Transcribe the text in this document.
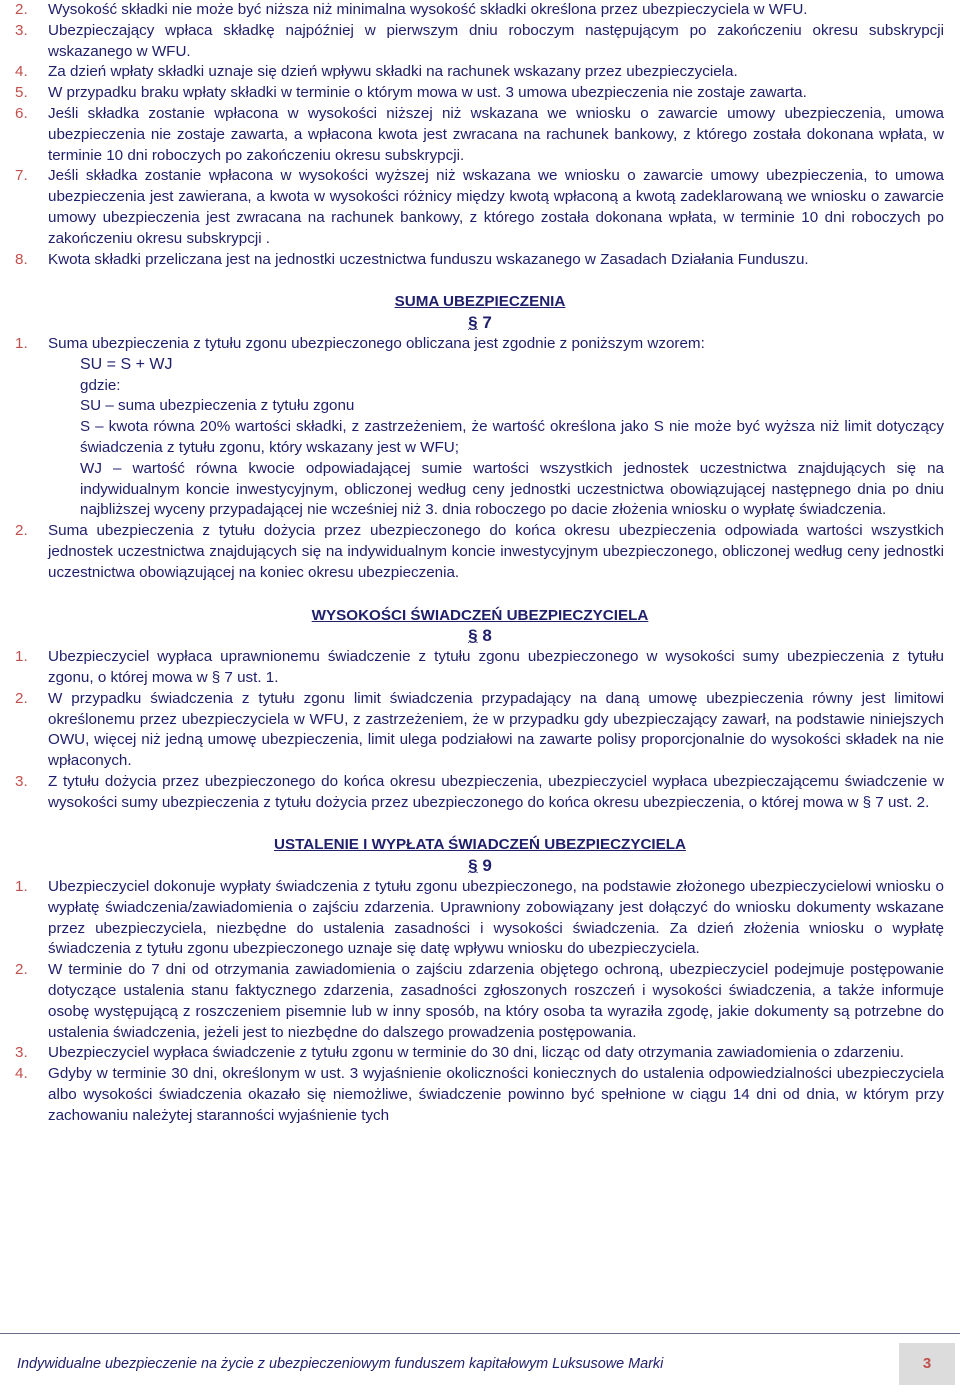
2. Wysokość składki nie może być niższa niż minimalna wysokość składki określona przez ubezpieczyciela w WFU.
3. Ubezpieczający wpłaca składkę najpóźniej w pierwszym dniu roboczym następującym po zakończeniu okresu subskrypcji wskazanego w WFU.
4. Za dzień wpłaty składki uznaje się dzień wpływu składki na rachunek wskazany przez ubezpieczyciela.
5. W przypadku braku wpłaty składki w terminie o którym mowa w ust. 3 umowa ubezpieczenia nie zostaje zawarta.
6. Jeśli składka zostanie wpłacona w wysokości niższej niż wskazana we wniosku o zawarcie umowy ubezpieczenia, umowa ubezpieczenia nie zostaje zawarta, a wpłacona kwota jest zwracana na rachunek bankowy, z którego została dokonana wpłata, w terminie 10 dni roboczych po zakończeniu okresu subskrypcji.
7. Jeśli składka zostanie wpłacona w wysokości wyższej niż wskazana we wniosku o zawarcie umowy ubezpieczenia, to umowa ubezpieczenia jest zawierana, a kwota w wysokości różnicy między kwotą wpłaconą a kwotą zadeklarowaną we wniosku o zawarcie umowy ubezpieczenia jest zwracana na rachunek bankowy, z którego została dokonana wpłata, w terminie 10 dni roboczych po zakończeniu okresu subskrypcji .
8. Kwota składki przeliczana jest na jednostki uczestnictwa funduszu wskazanego w Zasadach Działania Funduszu.
SUMA UBEZPIECZENIA
§ 7
1. Suma ubezpieczenia z tytułu zgonu ubezpieczonego obliczana jest zgodnie z poniższym wzorem:
SU = S + WJ
gdzie:
SU – suma ubezpieczenia z tytułu zgonu
S – kwota równa 20% wartości składki, z zastrzeżeniem, że wartość określona jako S nie może być wyższa niż limit dotyczący świadczenia z tytułu zgonu, który wskazany jest w WFU;
WJ – wartość równa kwocie odpowiadającej sumie wartości wszystkich jednostek uczestnictwa znajdujących się na indywidualnym koncie inwestycyjnym, obliczonej według ceny jednostki uczestnictwa obowiązującej następnego dnia po dniu najbliższej wyceny przypadającej nie wcześniej niż 3. dnia roboczego po dacie złożenia wniosku o wypłatę świadczenia.
2. Suma ubezpieczenia z tytułu dożycia przez ubezpieczonego do końca okresu ubezpieczenia odpowiada wartości wszystkich jednostek uczestnictwa znajdujących się na indywidualnym koncie inwestycyjnym ubezpieczonego, obliczonej według ceny jednostki uczestnictwa obowiązującej na koniec okresu ubezpieczenia.
WYSOKOŚCI ŚWIADCZEŃ UBEZPIECZYCIELA
§ 8
1. Ubezpieczyciel wypłaca uprawnionemu świadczenie z tytułu zgonu ubezpieczonego w wysokości sumy ubezpieczenia z tytułu zgonu, o której mowa w § 7 ust. 1.
2. W przypadku świadczenia z tytułu zgonu limit świadczenia przypadający na daną umowę ubezpieczenia równy jest limitowi określonemu przez ubezpieczyciela w WFU, z zastrzeżeniem, że w przypadku gdy ubezpieczający zawarł, na podstawie niniejszych OWU, więcej niż jedną umowę ubezpieczenia, limit ulega podziałowi na zawarte polisy proporcjonalnie do wysokości składek na nie wpłaconych.
3. Z tytułu dożycia przez ubezpieczonego do końca okresu ubezpieczenia, ubezpieczyciel wypłaca ubezpieczającemu świadczenie w wysokości sumy ubezpieczenia z tytułu dożycia przez ubezpieczonego do końca okresu ubezpieczenia, o której mowa w § 7 ust. 2.
USTALENIE I WYPŁATA ŚWIADCZEŃ UBEZPIECZYCIELA
§ 9
1. Ubezpieczyciel dokonuje wypłaty świadczenia z tytułu zgonu ubezpieczonego, na podstawie złożonego ubezpieczycielowi wniosku o wypłatę świadczenia/zawiadomienia o zajściu zdarzenia. Uprawniony zobowiązany jest dołączyć do wniosku dokumenty wskazane przez ubezpieczyciela, niezbędne do ustalenia zasadności i wysokości świadczenia. Za dzień złożenia wniosku o wypłatę świadczenia z tytułu zgonu ubezpieczonego uznaje się datę wpływu wniosku do ubezpieczyciela.
2. W terminie do 7 dni od otrzymania zawiadomienia o zajściu zdarzenia objętego ochroną, ubezpieczyciel podejmuje postępowanie dotyczące ustalenia stanu faktycznego zdarzenia, zasadności zgłoszonych roszczeń i wysokości świadczenia, a także informuje osobę występującą z roszczeniem pisemnie lub w inny sposób, na który osoba ta wyraziła zgodę, jakie dokumenty są potrzebne do ustalenia świadczenia, jeżeli jest to niezbędne do dalszego prowadzenia postępowania.
3. Ubezpieczyciel wypłaca świadczenie z tytułu zgonu w terminie do 30 dni, licząc od daty otrzymania zawiadomienia o zdarzeniu.
4. Gdyby w terminie 30 dni, określonym w ust. 3 wyjaśnienie okoliczności koniecznych do ustalenia odpowiedzialności ubezpieczyciela albo wysokości świadczenia okazało się niemożliwe, świadczenie powinno być spełnione w ciągu 14 dni od dnia, w którym przy zachowaniu należytej staranności wyjaśnienie tych
Indywidualne ubezpieczenie na życie z ubezpieczeniowym funduszem kapitałowym Luksusowe Marki	3
